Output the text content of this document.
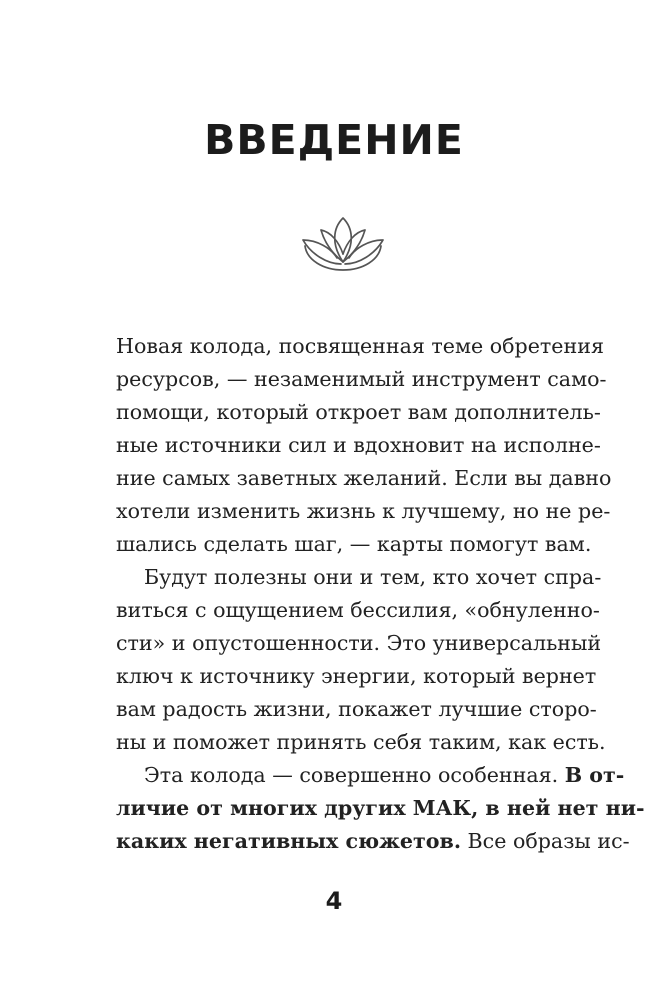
ВВЕДЕНИЕ
Новая колода, посвященная теме обретения
ресурсов, — незаменимый инструмент само-
помощи, который откроет вам дополнитель-
ные источники сил и вдохновит на исполне-
ние самых заветных желаний. Если вы давно
хотели изменить жизнь к лучшему, но не ре-
шались сделать шаг, — карты помогут вам.
Будут полезны они и тем, кто хочет спра-
виться с ощущением бессилия, «обнуленно-
сти» и опустошенности. Это универсальный
ключ к источнику энергии, который вернет
вам радость жизни, покажет лучшие сторо-
ны и поможет принять себя таким, как есть.
Эта колода — совершенно особенная. В от-
личие от многих других МАК, в ней нет ни-
каких негативных сюжетов. Все образы ис-
4
